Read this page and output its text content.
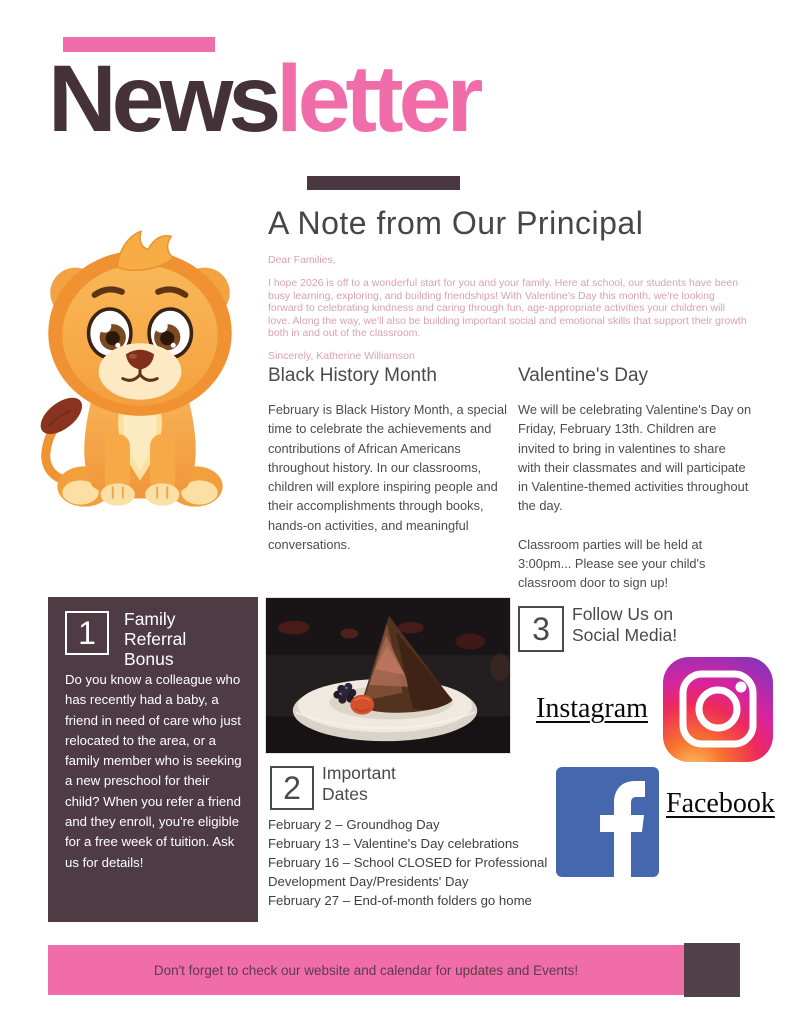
Newsletter
A Note from Our Principal

Dear Families,

I hope 2026 is off to a wonderful start for you and your family. Here at school, our students have been busy learning, exploring, and building friendships! With Valentine's Day this month, we're looking forward to celebrating kindness and caring through fun, age-appropriate activities your children will love. Along the way, we'll also be building important social and emotional skills that support their growth both in and out of the classroom.

Sincerely, Katherine Williamson

Black History Month

February is Black History Month, a special time to celebrate the achievements and contributions of African Americans throughout history. In our classrooms, children will explore inspiring people and their accomplishments through books, hands-on activities, and meaningful conversations.

Valentine's Day

We will be celebrating Valentine's Day on Friday, February 13th. Children are invited to bring in valentines to share with their classmates and will participate in Valentine-themed activities throughout the day.

Classroom parties will be held at 3:00pm... Please see your child's classroom door to sign up!

1	Family Referral Bonus
Do you know a colleague who has recently had a baby, a friend in need of care who just relocated to the area, or a family member who is seeking a new preschool for their child? When you refer a friend and they enroll, you're eligible for a free week of tuition. Ask us for details!
2	Important Dates
February 2 – Groundhog Day
February 13 – Valentine's Day celebrations
February 16 – School CLOSED for Professional Development Day/Presidents' Day
February 27 – End-of-month folders go home
3	Follow Us on Social Media!
Instagram
Facebook
Don't forget to check our website and calendar for updates and Events!
